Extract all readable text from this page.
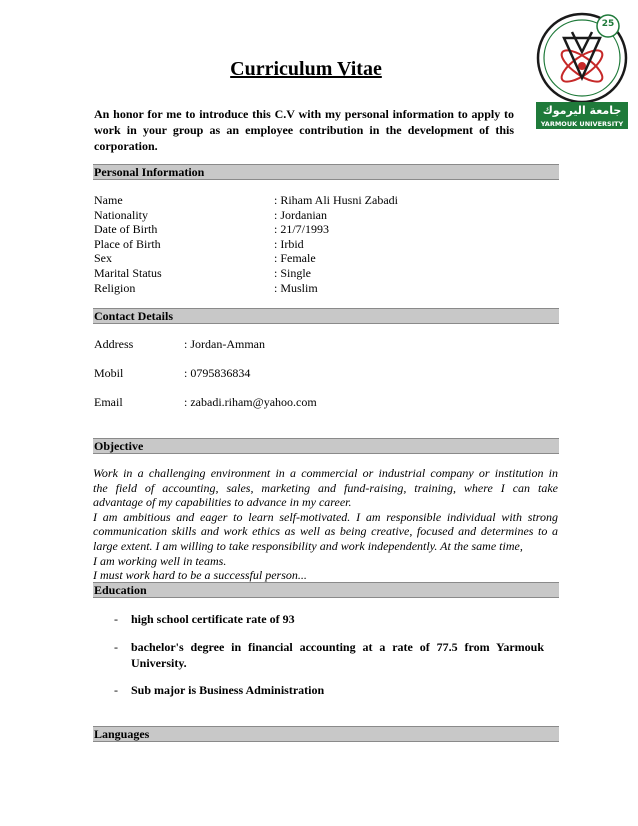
Curriculum Vitae
An honor for me to introduce this C.V with my personal information to apply to work in your group as an employee contribution in the development of this corporation.
25
جامعة اليرموك
YARMOUK UNIVERSITY
Personal Information
Name	: Riham Ali Husni Zabadi
Nationality	: Jordanian
Date of Birth	: 21/7/1993
Place of Birth	: Irbid
Sex	: Female
Marital Status	: Single
Religion	: Muslim
Contact Details
Address	: Jordan-Amman
Mobil	: 0795836834
Email	: zabadi.riham@yahoo.com
Objective
Work in a challenging environment in a commercial or industrial company or institution in
the field of accounting, sales, marketing and fund-raising, training, where I can take
advantage of my capabilities to advance in my career.
I am ambitious and eager to learn self-motivated. I am responsible individual with strong
communication skills and work ethics as well as being creative, focused and determines to a
large extent. I am willing to take responsibility and work independently. At the same time,
I am working well in teams.
I must work hard to be a successful person...
Education
- high school certificate rate of 93
- bachelor's degree in financial accounting at a rate of 77.5 from Yarmouk University.
- Sub major is Business Administration
Languages
